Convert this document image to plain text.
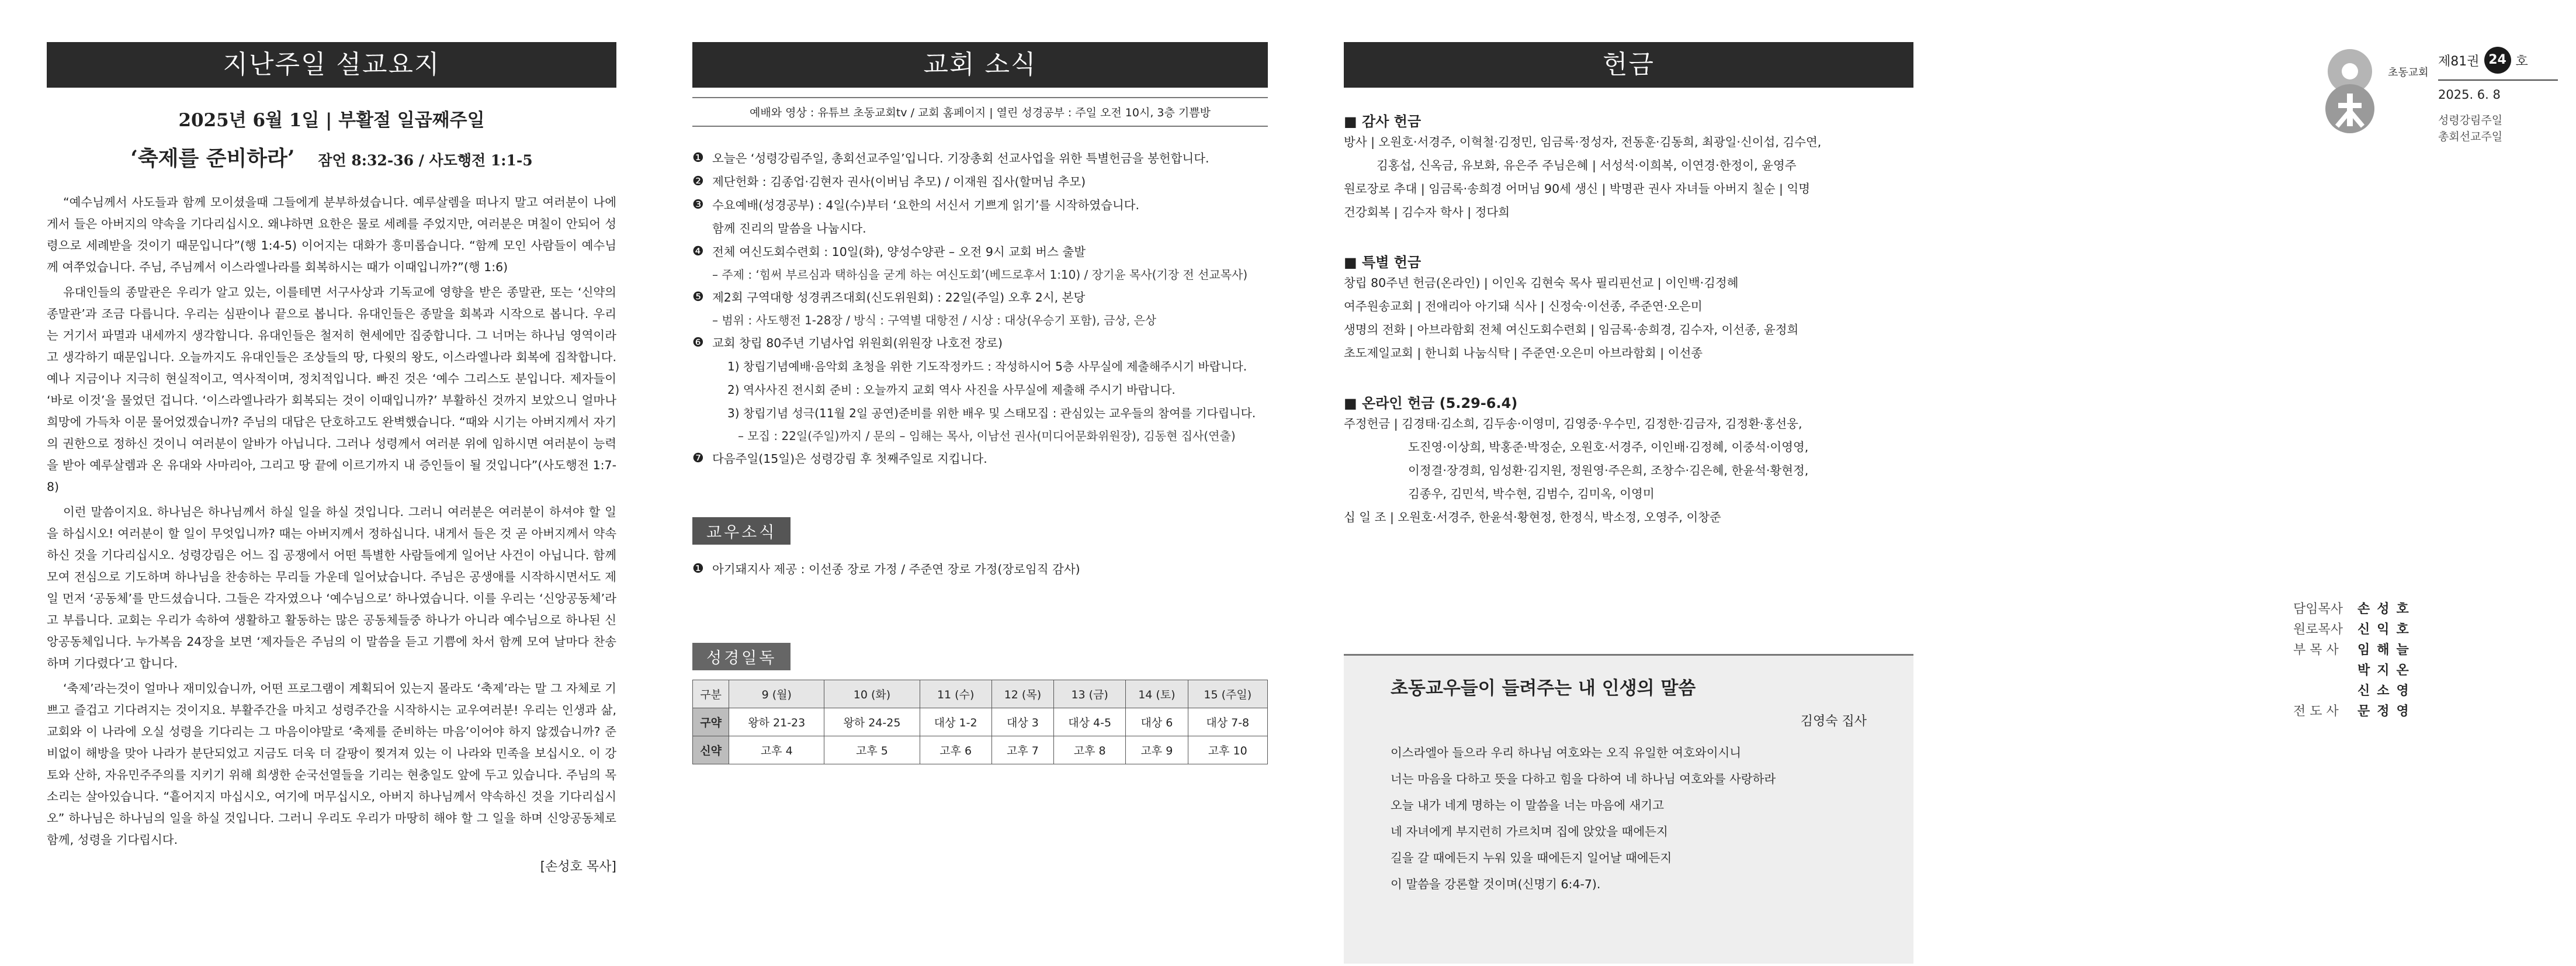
지난주일 설교요지
2025년 6월 1일 | 부활절 일곱째주일
‘축제를 준비하라’ 잠언 8:32-36 / 사도행전 1:1-5

“예수님께서 사도들과 함께 모이셨을때 그들에게 분부하셨습니다. 예루살렘을 떠나지 말고 여러분이 나에게서 들은 아버지의 약속을 기다리십시오. 왜냐하면 요한은 물로 세례를 주었지만, 여러분은 며칠이 안되어 성령으로 세례받을 것이기 때문입니다”(행 1:4-5) 이어지는 대화가 흥미롭습니다. “함께 모인 사람들이 예수님께 여쭈었습니다. 주님, 주님께서 이스라엘나라를 회복하시는 때가 이때입니까?”(행 1:6)

유대인들의 종말관은 우리가 알고 있는, 이를테면 서구사상과 기독교에 영향을 받은 종말관, 또는 ‘신약의 종말관’과 조금 다릅니다. 우리는 심판이나 끝으로 봅니다. 유대인들은 종말을 회복과 시작으로 봅니다. 우리는 거기서 파멸과 내세까지 생각합니다. 유대인들은 철저히 현세에만 집중합니다. 그 너머는 하나님 영역이라고 생각하기 때문입니다. 오늘까지도 유대인들은 조상들의 땅, 다윗의 왕도, 이스라엘나라 회복에 집착합니다. 예나 지금이나 지극히 현실적이고, 역사적이며, 정치적입니다. 빠진 것은 ‘예수 그리스도 분입니다. 제자들이 ‘바로 이것’을 물었던 겁니다. ‘이스라엘나라가 회복되는 것이 이때입니까?’ 부활하신 것까지 보았으니 얼마나 희망에 가득차 이문 물어었겠습니까? 주님의 대답은 단호하고도 완벽했습니다. “때와 시기는 아버지께서 자기의 권한으로 정하신 것이니 여러분이 알바가 아닙니다. 그러나 성령께서 여러분 위에 임하시면 여러분이 능력을 받아 예루살렘과 온 유대와 사마리아, 그리고 땅 끝에 이르기까지 내 증인들이 될 것입니다”(사도행전 1:7-8)

이런 말씀이지요. 하나님은 하나님께서 하실 일을 하실 것입니다. 그러니 여러분은 여러분이 하셔야 할 일을 하십시오! 여러분이 할 일이 무엇입니까? 때는 아버지께서 정하십니다. 내게서 들은 것 곧 아버지께서 약속하신 것을 기다리십시오. 성령강림은 어느 집 공쟁에서 어떤 특별한 사람들에게 일어난 사건이 아닙니다. 함께 모여 전심으로 기도하며 하나님을 찬송하는 무리들 가운데 일어났습니다. 주님은 공생애를 시작하시면서도 제일 먼저 ‘공동체’를 만드셨습니다. 그들은 각자였으나 ‘예수님으로’ 하나였습니다. 이를 우리는 ‘신앙공동체’라고 부릅니다. 교회는 우리가 속하여 생활하고 활동하는 많은 공동체들중 하나가 아니라 예수님으로 하나된 신앙공동체입니다. 누가복음 24장을 보면 ‘제자들은 주님의 이 말씀을 듣고 기쁨에 차서 함께 모여 날마다 찬송하며 기다렸다’고 합니다.

‘축제’라는것이 얼마나 재미있습니까, 어떤 프로그램이 계획되어 있는지 몰라도 ‘축제’라는 말 그 자체로 기쁘고 즐겁고 기다려지는 것이지요. 부활주간을 마치고 성령주간을 시작하시는 교우여러분! 우리는 인생과 삶, 교회와 이 나라에 오실 성령을 기다리는 그 마음이야말로 ‘축제를 준비하는 마음’이어야 하지 않겠습니까? 준비없이 해방을 맞아 나라가 분단되었고 지금도 더욱 더 갈팡이 찢겨져 있는 이 나라와 민족을 보십시오. 이 강토와 산하, 자유민주주의를 지키기 위해 희생한 순국선열들을 기리는 현충일도 앞에 두고 있습니다. 주님의 목소리는 살아있습니다. “흩어지지 마십시오, 여기에 머무십시오, 아버지 하나님께서 약속하신 것을 기다리십시오” 하나님은 하나님의 일을 하실 것입니다. 그러니 우리도 우리가 마땅히 해야 할 그 일을 하며 신앙공동체로 함께, 성령을 기다립시다.

[손성호 목사]
교회 소식
예배와 영상 : 유튜브 초동교회tv / 교회 홈페이지 | 열린 성경공부 : 주일 오전 10시, 3층 기쁨방
❶ 오늘은 ‘성령강림주일, 총회선교주일’입니다. 기장총회 선교사업을 위한 특별헌금을 봉헌합니다.
❷ 제단헌화 : 김종업·김현자 권사(이버님 추모) / 이재원 집사(할머님 추모)
❸ 수요예배(성경공부) : 4일(수)부터 ‘요한의 서신서 기쁘게 읽기’를 시작하였습니다.
함께 진리의 말씀을 나눕시다.
❹ 전체 여신도회수련회 : 10일(화), 양성수양관 – 오전 9시 교회 버스 출발
– 주제 : ‘힘써 부르심과 택하심을 굳게 하는 여신도회’(베드로후서 1:10) / 장기윤 목사(기장 전 선교목사)
❺ 제2회 구역대항 성경퀴즈대회(신도위원회) : 22일(주일) 오후 2시, 본당
– 범위 : 사도행전 1-28장 / 방식 : 구역별 대항전 / 시상 : 대상(우승기 포함), 금상, 은상
❻ 교회 창립 80주년 기념사업 위원회(위원장 나호전 장로)
1) 창립기념예배·음악회 초청을 위한 기도작정카드 : 작성하시어 5층 사무실에 제출해주시기 바랍니다.
2) 역사사진 전시회 준비 : 오늘까지 교회 역사 사진을 사무실에 제출해 주시기 바랍니다.
3) 창립기념 성극(11월 2일 공연)준비를 위한 배우 및 스태모집 : 관심있는 교우들의 참여를 기다립니다.
– 모집 : 22일(주일)까지 / 문의 – 임해는 목사, 이남선 권사(미디어문화위원장), 김동현 집사(연출)
❼ 다음주일(15일)은 성령강림 후 첫째주일로 지킵니다.
교우소식
❶ 아기돼지사 제공 : 이선종 장로 가정 / 주준연 장로 가정(장로임직 감사)
성경일독
구분	9 (월)	10 (화)	11 (수)	12 (목)	13 (금)	14 (토)	15 (주일)
구약	왕하 21-23	왕하 24-25	대상 1-2	대상 3	대상 4-5	대상 6	대상 7-8
신약	고후 4	고후 5	고후 6	고후 7	고후 8	고후 9	고후 10
헌금
■ 감사 헌금
방사 | 오원호·서경주, 이혁철·김정민, 임금록·정성자, 전동훈·김동희, 최광일·신이섭, 김수연,
김홍섭, 신옥금, 유보화, 유은주 주님은혜 | 서성석·이희복, 이연경·한정이, 윤영주
원로장로 추대 | 임금록·송희경 어머님 90세 생신 | 박명관 권사 자녀들 아버지 칠순 | 익명
건강회복 | 김수자 학사 | 정다희
■ 특별 헌금
창립 80주년 헌금(온라인) | 이인옥 김현숙 목사 필리핀선교 | 이인백·김정혜
여주원송교회 | 전애리아 아기돼 식사 | 신정숙·이선종, 주준연·오은미
생명의 전화 | 아브라함회 전체 여신도회수련회 | 임금록·송희경, 김수자, 이선종, 윤정희
초도제일교회 | 한니회 나눔식탁 | 주준연·오은미 아브라함회 | 이선종
■ 온라인 헌금 (5.29-6.4)
주정헌금 | 김경태·김소희, 김두송·이영미, 김영중·우수민, 김정한·김금자, 김정환·홍선웅,
도진영·이상희, 박홍준·박정순, 오원호·서경주, 이인배·김정혜, 이중석·이영영,
이정결·장경희, 임성환·김지원, 정원영·주은희, 조창수·김은혜, 한윤석·황현정,
김종우, 김민석, 박수현, 김범수, 김미옥, 이영미
십 일 조 | 오원호·서경주, 한윤석·황현정, 한정식, 박소정, 오영주, 이창준
초동교우들이 들려주는 내 인생의 말씀
김영숙 집사
이스라엘아 들으라 우리 하나님 여호와는 오직 유일한 여호와이시니
너는 마음을 다하고 뜻을 다하고 힘을 다하여 네 하나님 여호와를 사랑하라
오늘 내가 네게 명하는 이 말씀을 너는 마음에 새기고
네 자녀에게 부지런히 가르치며 집에 앉았을 때에든지
길을 갈 때에든지 누워 있을 때에든지 일어날 때에든지
이 말씀을 강론할 것이며(신명기 6:4-7).
초동교회
제81권 24 호
2025. 6. 8
성령강림주일
총회선교주일
담임목사	손성호
원로목사	신익호
부 목 사	임해늘
박지온
신소영
전 도 사	문정영
